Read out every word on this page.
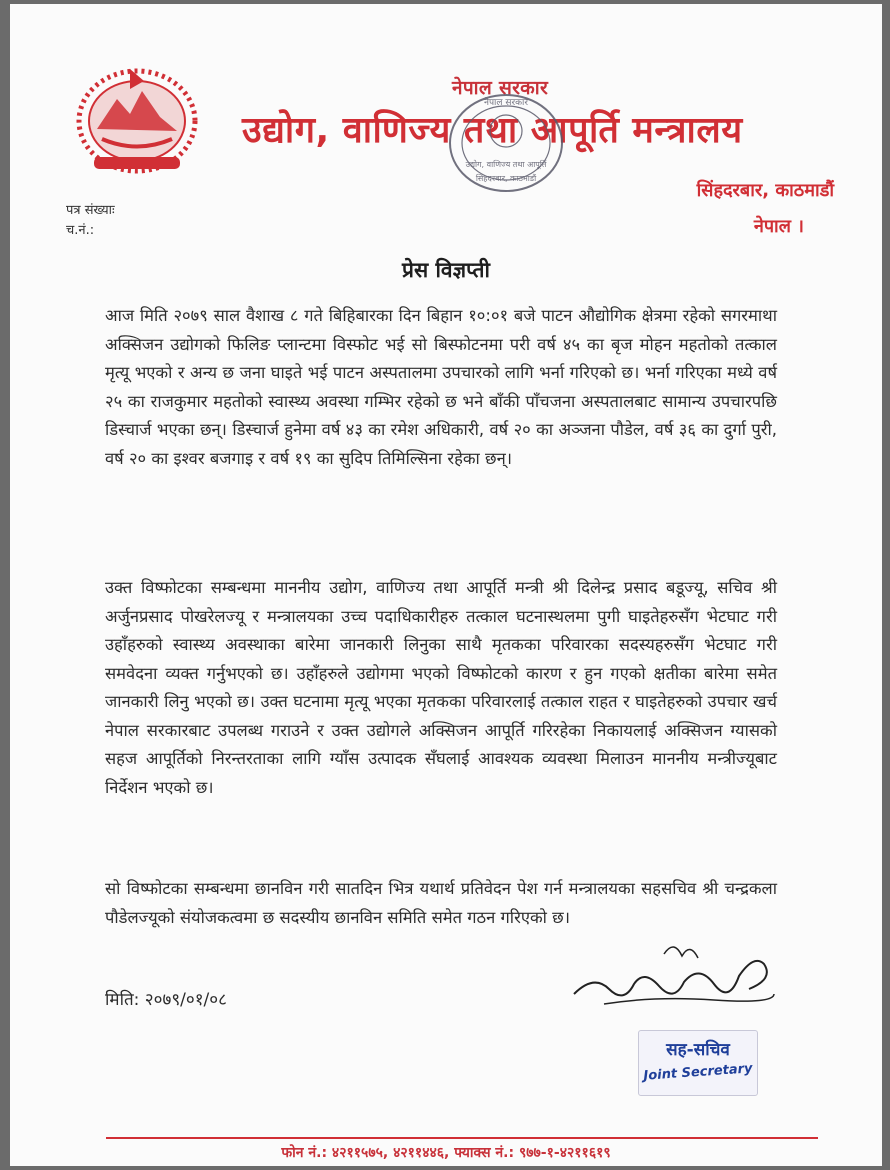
नेपाल सरकार
उद्योग, वाणिज्य तथा आपूर्ति मन्त्रालय
नेपाल सरकार
उद्योग, वाणिज्य तथा आपूर्ति
सिंहदरबार, काठमाडौं
सिंहदरबार, काठमाडौं
नेपाल ।
पत्र संख्याः
च.नं.:
प्रेस विज्ञप्ती

आज मिति २०७९ साल वैशाख ८ गते बिहिबारका दिन बिहान १०:०१ बजे पाटन औद्योगिक क्षेत्रमा रहेको सगरमाथा अक्सिजन उद्योगको फिलिङ प्लान्टमा विस्फोट भई सो बिस्फोटनमा परी वर्ष ४५ का बृज मोहन महतोको तत्काल मृत्यू भएको र अन्य छ जना घाइते भई पाटन अस्पतालमा उपचारको लागि भर्ना गरिएको छ। भर्ना गरिएका मध्ये वर्ष २५ का राजकुमार महतोको स्वास्थ्य अवस्था गम्भिर रहेको छ भने बाँकी पाँचजना अस्पतालबाट सामान्य उपचारपछि डिस्चार्ज भएका छन्। डिस्चार्ज हुनेमा वर्ष ४३ का रमेश अधिकारी, वर्ष २० का अञ्जना पौडेल, वर्ष ३६ का दुर्गा पुरी, वर्ष २० का इश्वर बजगाइ र वर्ष १९ का सुदिप तिमिल्सिना रहेका छन्।

उक्त विष्फोटका सम्बन्धमा माननीय उद्योग, वाणिज्य तथा आपूर्ति मन्त्री श्री दिलेन्द्र प्रसाद बडूज्यू, सचिव श्री अर्जुनप्रसाद पोखरेलज्यू र मन्त्रालयका उच्च पदाधिकारीहरु तत्काल घटनास्थलमा पुगी घाइतेहरुसँग भेटघाट गरी उहाँहरुको स्वास्थ्य अवस्थाका बारेमा जानकारी लिनुका साथै मृतकका परिवारका सदस्यहरुसँग भेटघाट गरी समवेदना व्यक्त गर्नुभएको छ। उहाँहरुले उद्योगमा भएको विष्फोटको कारण र हुन गएको क्षतीका बारेमा समेत जानकारी लिनु भएको छ। उक्त घटनामा मृत्यू भएका मृतकका परिवारलाई तत्काल राहत र घाइतेहरुको उपचार खर्च नेपाल सरकारबाट उपलब्ध गराउने र उक्त उद्योगले अक्सिजन आपूर्ति गरिरहेका निकायलाई अक्सिजन ग्यासको सहज आपूर्तिको निरन्तरताका लागि ग्याँस उत्पादक सँघलाई आवश्यक व्यवस्था मिलाउन माननीय मन्त्रीज्यूबाट निर्देशन भएको छ।

सो विष्फोटका सम्बन्धमा छानविन गरी सातदिन भित्र यथार्थ प्रतिवेदन पेश गर्न मन्त्रालयका सहसचिव श्री चन्द्रकला पौडेलज्यूको संयोजकत्वमा छ सदस्यीय छानविन समिति समेत गठन गरिएको छ।

मिति: २०७९/०१/०८
सह-सचिव
Joint Secretary
फोन नं.: ४२११५७५, ४२११४४६, फ्याक्स नं.: ९७७-१-४२११६१९
